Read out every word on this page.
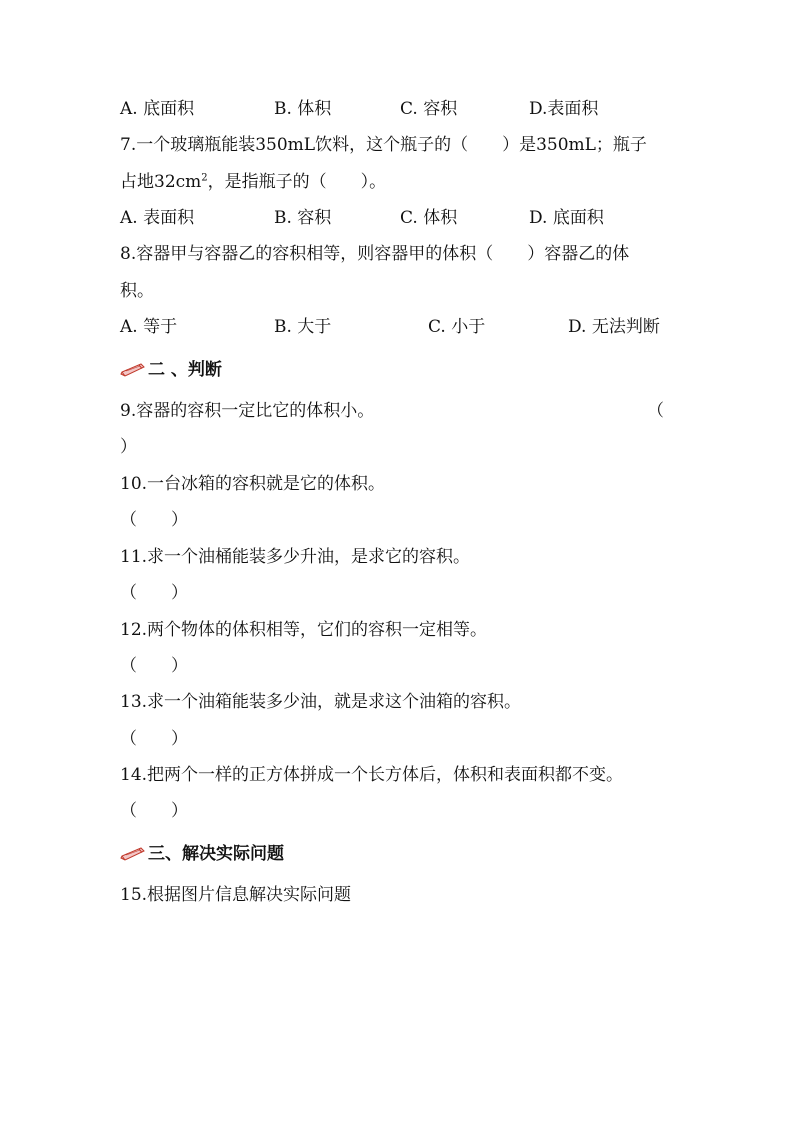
A. 底面积	B. 体积	C. 容积	D.表面积
7.一个玻璃瓶能装350mL饮料，这个瓶子的（　　）是350mL；瓶子
占地$32cm^2$，是指瓶子的（　　）。
A. 表面积	B. 容积	C. 体积	D. 底面积
8.容器甲与容器乙的容积相等，则容器甲的体积（　　）容器乙的体
积。
A. 等于	B. 大于	C. 小于	D. 无法判断
二 、判断
9.容器的容积一定比它的体积小。	（
）
10.一台冰箱的容积就是它的体积。
（　　）
11.求一个油桶能装多少升油，是求它的容积。
（　　）
12.两个物体的体积相等，它们的容积一定相等。
（　　）
13.求一个油箱能装多少油，就是求这个油箱的容积。
（　　）
14.把两个一样的正方体拼成一个长方体后，体积和表面积都不变。
（　　）
三、解决实际问题
15.根据图片信息解决实际问题
